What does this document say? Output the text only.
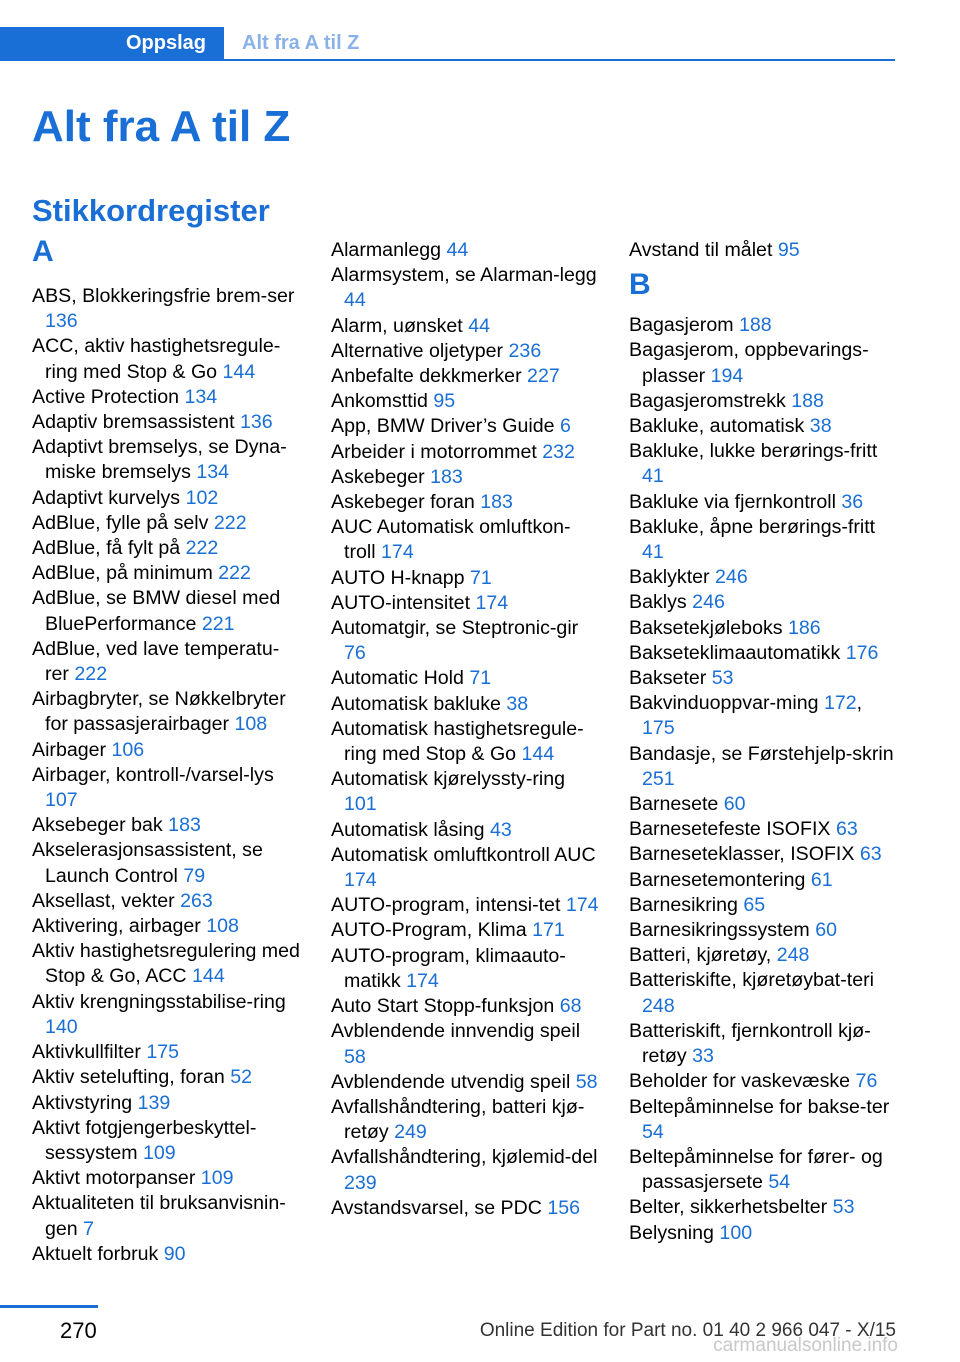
Oppslag Alt fra A til Z
Alt fra A til Z
Stikkordregister
A
ABS, Blokkeringsfrie brem‐ser 136
ACC, aktiv hastighetsregule‐ring med Stop & Go 144
Active Protection 134
Adaptiv bremsassistent 136
Adaptivt bremselys, se Dyna‐miske bremselys 134
Adaptivt kurvelys 102
AdBlue, fylle på selv 222
AdBlue, få fylt på 222
AdBlue, på minimum 222
AdBlue, se BMW diesel med BluePerformance 221
AdBlue, ved lave temperatu‐rer 222
Airbagbryter, se Nøkkelbryter for passasjerairbager 108
Airbager 106
Airbager, kontroll-/varsel‐lys 107
Aksebeger bak 183
Akselerasjonsassistent, se Launch Control 79
Aksellast, vekter 263
Aktivering, airbager 108
Aktiv hastighetsregulering med Stop & Go, ACC 144
Aktiv krengningsstabilise‐ring 140
Aktivkullfilter 175
Aktiv setelufting, foran 52
Aktivstyring 139
Aktivt fotgjengerbeskyttel‐sessystem 109
Aktivt motorpanser 109
Aktualiteten til bruksanvisnin‐gen 7
Aktuelt forbruk 90
Alarmanlegg 44
Alarmsystem, se Alarman‐legg 44
Alarm, uønsket 44
Alternative oljetyper 236
Anbefalte dekkmerker 227
Ankomsttid 95
App, BMW Driver’s Guide 6
Arbeider i motorrommet 232
Askebeger 183
Askebeger foran 183
AUC Automatisk omluftkon‐troll 174
AUTO H-knapp 71
AUTO-intensitet 174
Automatgir, se Steptronic-gir 76
Automatic Hold 71
Automatisk bakluke 38
Automatisk hastighetsregule‐ring med Stop & Go 144
Automatisk kjørelyssty‐ring 101
Automatisk låsing 43
Automatisk omluftkontroll AUC 174
AUTO-program, intensi‐tet 174
AUTO-Program, Klima 171
AUTO-program, klimaauto‐matikk 174
Auto Start Stopp-funksjon 68
Avblendende innvendig speil 58
Avblendende utvendig speil 58
Avfallshåndtering, batteri kjø‐retøy 249
Avfallshåndtering, kjølemid‐del 239
Avstandsvarsel, se PDC 156
Avstand til målet 95
B
Bagasjerom 188
Bagasjerom, oppbevarings‐plasser 194
Bagasjeromstrekk 188
Bakluke, automatisk 38
Bakluke, lukke berørings‐fritt 41
Bakluke via fjernkontroll 36
Bakluke, åpne berørings‐fritt 41
Baklykter 246
Baklys 246
Baksetekjøleboks 186
Bakseteklimaautomatikk 176
Bakseter 53
Bakvinduoppvar‐ming 172, 175
Bandasje, se Førstehjelp‐skrin 251
Barnesete 60
Barnesetefeste ISOFIX 63
Barneseteklasser, ISOFIX 63
Barnesetemontering 61
Barnesikring 65
Barnesikringssystem 60
Batteri, kjøretøy, 248
Batteriskifte, kjøretøybat‐teri 248
Batteriskift, fjernkontroll kjø‐retøy 33
Beholder for vaskevæske 76
Beltepåminnelse for bakse‐ter 54
Beltepåminnelse for fører- og passasjersete 54
Belter, sikkerhetsbelter 53
Belysning 100
270
carmanualsonline.info
Online Edition for Part no. 01 40 2 966 047 - X/15
